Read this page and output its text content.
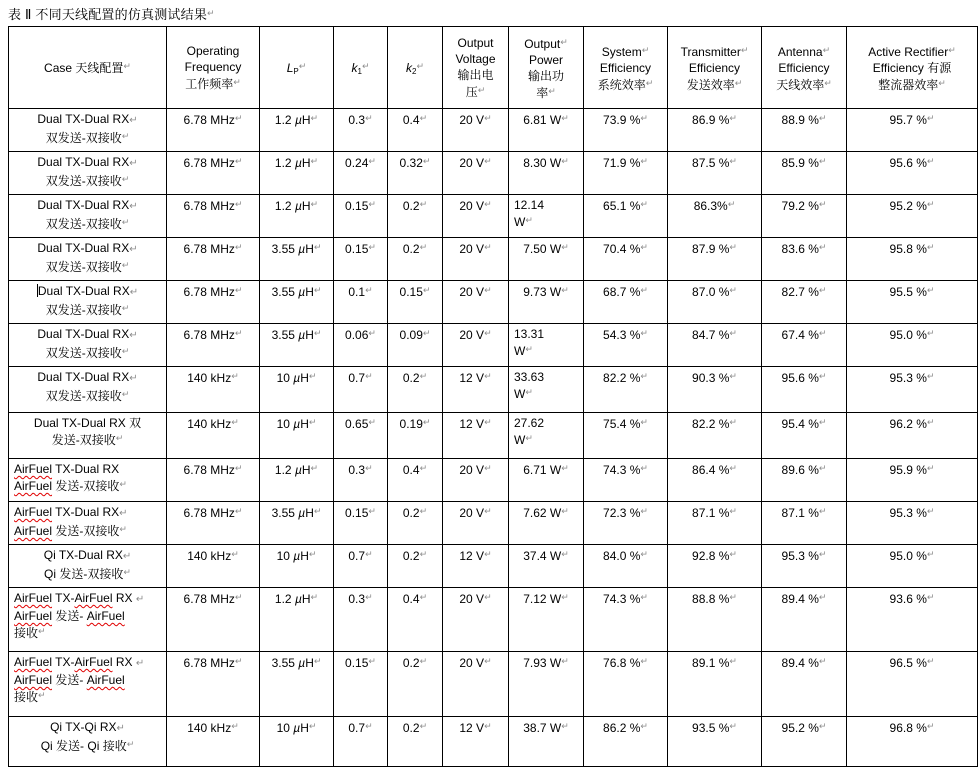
表 Ⅱ 不同天线配置的仿真测试结果↵
Case 天线配置↵	Operating
Frequency
工作频率↵	$L_P^↵$	$k_1^↵$	$k_2^↵$	Output
Voltage
输出电
压↵	Output↵
Power
输出功
率↵	System↵
Efficiency
系统效率↵	Transmitter↵
Efficiency
发送效率↵	Antenna↵
Efficiency
天线效率↵	Active Rectifier↵
Efficiency 有源
整流器效率↵
Dual TX-Dual RX↵
双发送-双接收↵	6.78 MHz↵	1.2 µH↵	0.3↵	0.4↵	20 V↵	6.81 W↵	73.9 %↵	86.9 %↵	88.9 %↵	95.7 %↵
Dual TX-Dual RX↵
双发送-双接收↵	6.78 MHz↵	1.2 µH↵	0.24↵	0.32↵	20 V↵	8.30 W↵	71.9 %↵	87.5 %↵	85.9 %↵	95.6 %↵
Dual TX-Dual RX↵
双发送-双接收↵	6.78 MHz↵	1.2 µH↵	0.15↵	0.2↵	20 V↵	12.14
W↵	65.1 %↵	86.3%↵	79.2 %↵	95.2 %↵
Dual TX-Dual RX↵
双发送-双接收↵	6.78 MHz↵	3.55 µH↵	0.15↵	0.2↵	20 V↵	7.50 W↵	70.4 %↵	87.9 %↵	83.6 %↵	95.8 %↵
Dual TX-Dual RX↵
双发送-双接收↵	6.78 MHz↵	3.55 µH↵	0.1↵	0.15↵	20 V↵	9.73 W↵	68.7 %↵	87.0 %↵	82.7 %↵	95.5 %↵
Dual TX-Dual RX↵
双发送-双接收↵	6.78 MHz↵	3.55 µH↵	0.06↵	0.09↵	20 V↵	13.31
W↵	54.3 %↵	84.7 %↵	67.4 %↵	95.0 %↵
Dual TX-Dual RX↵
双发送-双接收↵	140 kHz↵	10 µH↵	0.7↵	0.2↵	12 V↵	33.63
W↵	82.2 %↵	90.3 %↵	95.6 %↵	95.3 %↵
Dual TX-Dual RX 双
发送-双接收↵	140 kHz↵	10 µH↵	0.65↵	0.19↵	12 V↵	27.62
W↵	75.4 %↵	82.2 %↵	95.4 %↵	96.2 %↵
AirFuel TX-Dual RX
AirFuel 发送-双接收↵	6.78 MHz↵	1.2 µH↵	0.3↵	0.4↵	20 V↵	6.71 W↵	74.3 %↵	86.4 %↵	89.6 %↵	95.9 %↵
AirFuel TX-Dual RX↵
AirFuel 发送-双接收↵	6.78 MHz↵	3.55 µH↵	0.15↵	0.2↵	20 V↵	7.62 W↵	72.3 %↵	87.1 %↵	87.1 %↵	95.3 %↵
Qi TX-Dual RX↵
Qi 发送-双接收↵	140 kHz↵	10 µH↵	0.7↵	0.2↵	12 V↵	37.4 W↵	84.0 %↵	92.8 %↵	95.3 %↵	95.0 %↵
AirFuel TX-AirFuel RX ↵
AirFuel 发送- AirFuel
接收↵	6.78 MHz↵	1.2 µH↵	0.3↵	0.4↵	20 V↵	7.12 W↵	74.3 %↵	88.8 %↵	89.4 %↵	93.6 %↵
AirFuel TX-AirFuel RX ↵
AirFuel 发送- AirFuel
接收↵	6.78 MHz↵	3.55 µH↵	0.15↵	0.2↵	20 V↵	7.93 W↵	76.8 %↵	89.1 %↵	89.4 %↵	96.5 %↵
Qi TX-Qi RX↵
Qi 发送- Qi 接收↵	140 kHz↵	10 µH↵	0.7↵	0.2↵	12 V↵	38.7 W↵	86.2 %↵	93.5 %↵	95.2 %↵	96.8 %↵
